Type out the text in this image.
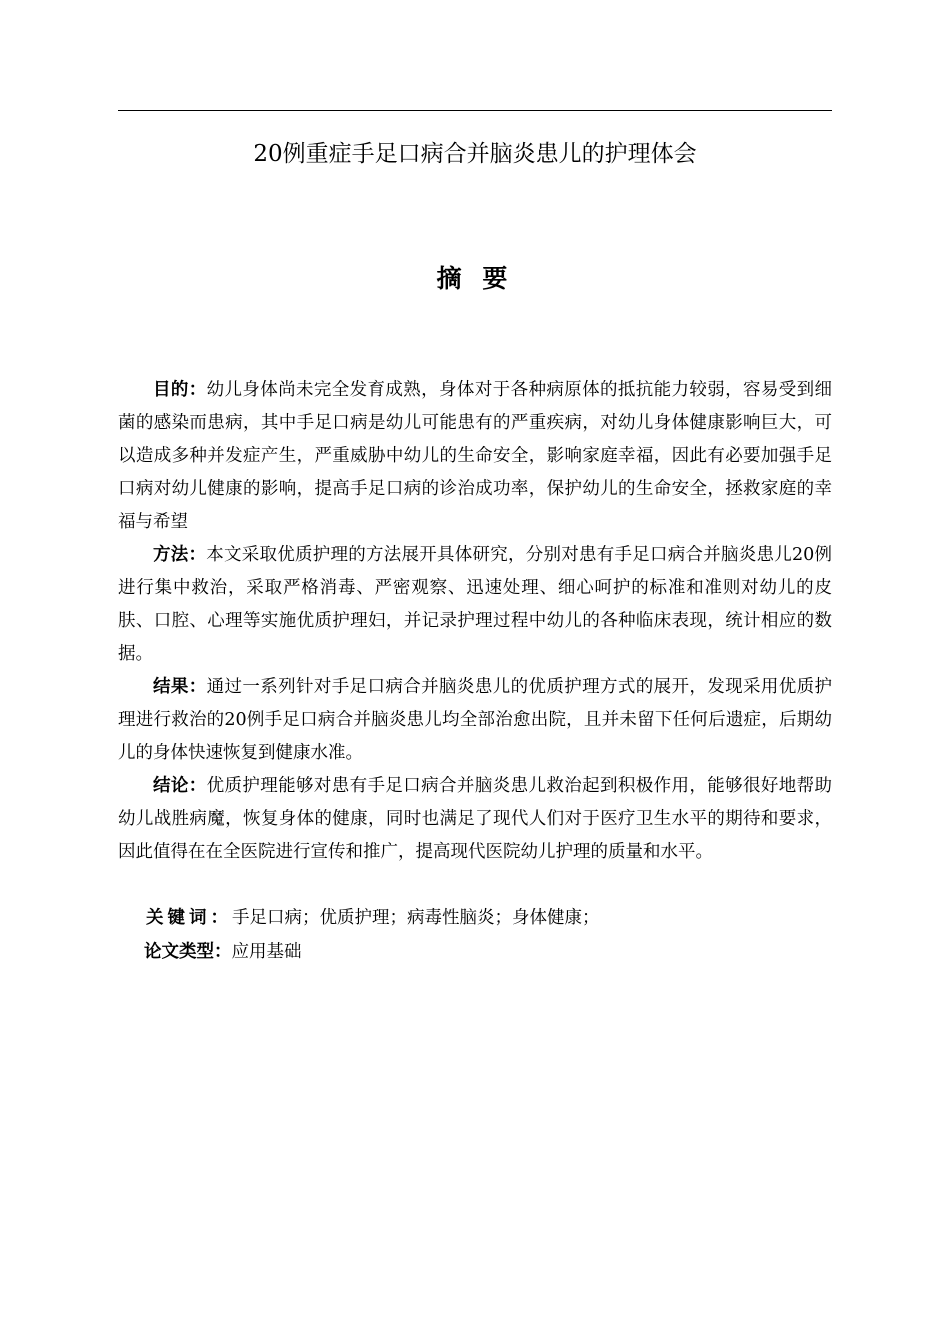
20例重症手足口病合并脑炎患儿的护理体会
摘 要

目的：幼儿身体尚未完全发育成熟，身体对于各种病原体的抵抗能力较弱，容易受到细菌的感染而患病，其中手足口病是幼儿可能患有的严重疾病，对幼儿身体健康影响巨大，可以造成多种并发症产生，严重威胁中幼儿的生命安全，影响家庭幸福，因此有必要加强手足口病对幼儿健康的影响，提高手足口病的诊治成功率，保护幼儿的生命安全，拯救家庭的幸福与希望

方法：本文采取优质护理的方法展开具体研究，分别对患有手足口病合并脑炎患儿20例进行集中救治，采取严格消毒、严密观察、迅速处理、细心呵护的标准和准则对幼儿的皮肤、口腔、心理等实施优质护理妇，并记录护理过程中幼儿的各种临床表现，统计相应的数据。

结果：通过一系列针对手足口病合并脑炎患儿的优质护理方式的展开，发现采用优质护理进行救治的20例手足口病合并脑炎患儿均全部治愈出院，且并未留下任何后遗症，后期幼儿的身体快速恢复到健康水准。

结论：优质护理能够对患有手足口病合并脑炎患儿救治起到积极作用，能够很好地帮助幼儿战胜病魔，恢复身体的健康，同时也满足了现代人们对于医疗卫生水平的期待和要求，因此值得在在全医院进行宣传和推广，提高现代医院幼儿护理的质量和水平。

关键词：手足口病；优质护理；病毒性脑炎；身体健康；
论文类型：应用基础
